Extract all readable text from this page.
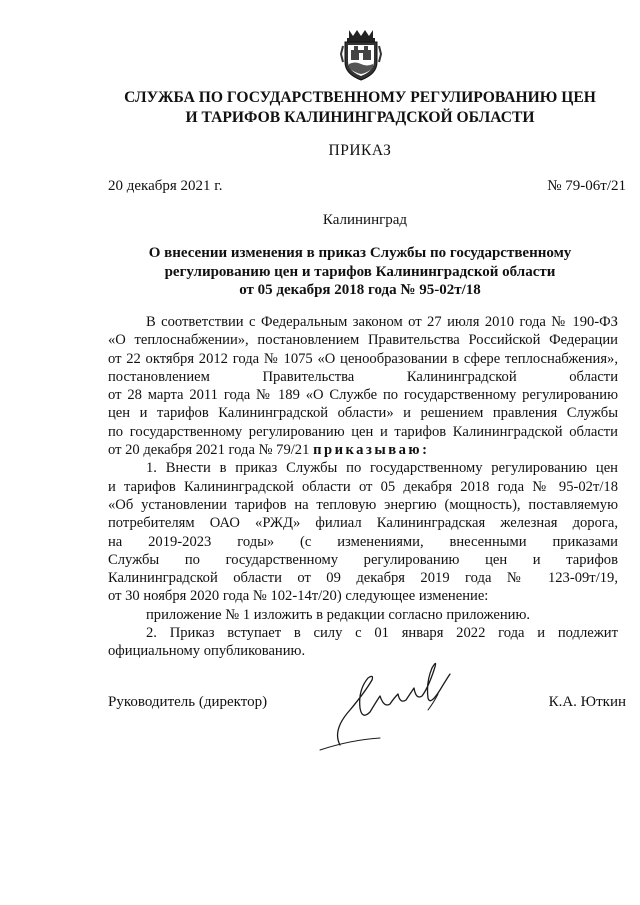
СЛУЖБА ПО ГОСУДАРСТВЕННОМУ РЕГУЛИРОВАНИЮ ЦЕН
И ТАРИФОВ КАЛИНИНГРАДСКОЙ ОБЛАСТИ
ПРИКАЗ
20 декабря 2021 г.	№ 79-06т/21
Калининград
О внесении изменения в приказ Службы по государственному
регулированию цен и тарифов Калининградской области
от 05 декабря 2018 года № 95-02т/18

В соответствии с Федеральным законом от 27 июля 2010 года № 190-ФЗ
«О теплоснабжении», постановлением Правительства Российской Федерации
от 22 октября 2012 года № 1075 «О ценообразовании в сфере теплоснабжения»,
постановлением Правительства Калининградской области
от 28 марта 2011 года № 189 «О Службе по государственному регулированию
цен и тарифов Калининградской области» и решением правления Службы
по государственному регулированию цен и тарифов Калининградской области
от 20 декабря 2021 года № 79/21 приказываю:

1. Внести в приказ Службы по государственному регулированию цен
и тарифов Калининградской области от 05 декабря 2018 года № 95-02т/18
«Об установлении тарифов на тепловую энергию (мощность), поставляемую
потребителям ОАО «РЖД» филиал Калининградская железная дорога,
на 2019-2023 годы» (с изменениями, внесенными приказами
Службы по государственному регулированию цен и тарифов
Калининградской области от 09 декабря 2019 года № 123-09т/19,
от 30 ноября 2020 года № 102-14т/20) следующее изменение:
приложение № 1 изложить в редакции согласно приложению.

2. Приказ вступает в силу с 01 января 2022 года и подлежит
официальному опубликованию.

Руководитель (директор)	К.А. Юткин
